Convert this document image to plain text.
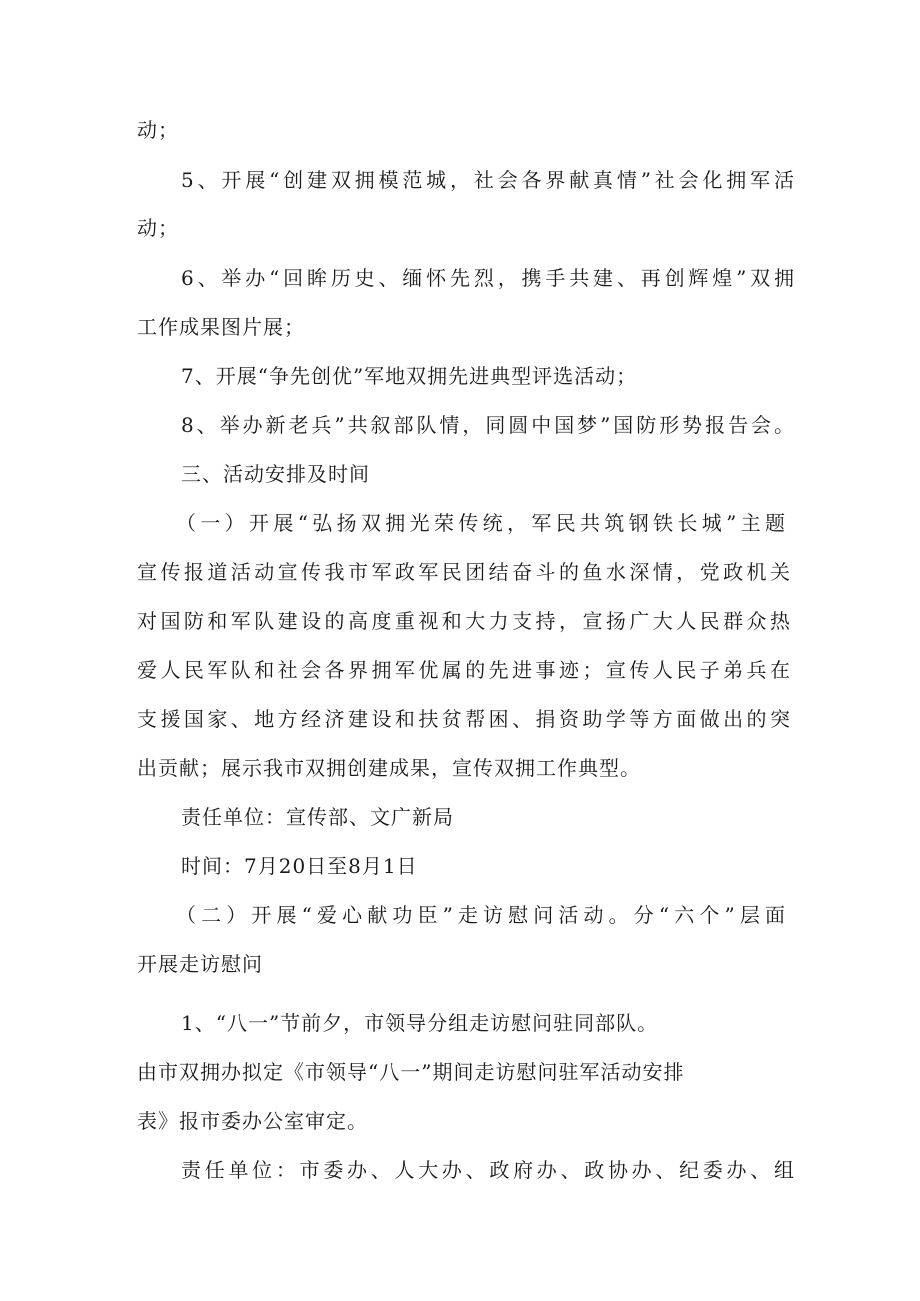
动；
5、开展“创建双拥模范城，社会各界献真情”社会化拥军活
动；
6、举办“回眸历史、缅怀先烈，携手共建、再创辉煌”双拥
工作成果图片展；
7、开展“争先创优”军地双拥先进典型评选活动；
8、举办新老兵”共叙部队情，同圆中国梦”国防形势报告会。
三、活动安排及时间
（一）开展“弘扬双拥光荣传统，军民共筑钢铁长城”主题
宣传报道活动宣传我市军政军民团结奋斗的鱼水深情，党政机关
对国防和军队建设的高度重视和大力支持，宣扬广大人民群众热
爱人民军队和社会各界拥军优属的先进事迹；宣传人民子弟兵在
支援国家、地方经济建设和扶贫帮困、捐资助学等方面做出的突
出贡献；展示我市双拥创建成果，宣传双拥工作典型。
责任单位：宣传部、文广新局
时间：7月20日至8月1日
（二）开展“爱心献功臣”走访慰问活动。分“六个”层面
开展走访慰问
1、“八一”节前夕，市领导分组走访慰问驻同部队。
由市双拥办拟定《市领导“八一”期间走访慰问驻军活动安排
表》报市委办公室审定。
责任单位：市委办、人大办、政府办、政协办、纪委办、组
